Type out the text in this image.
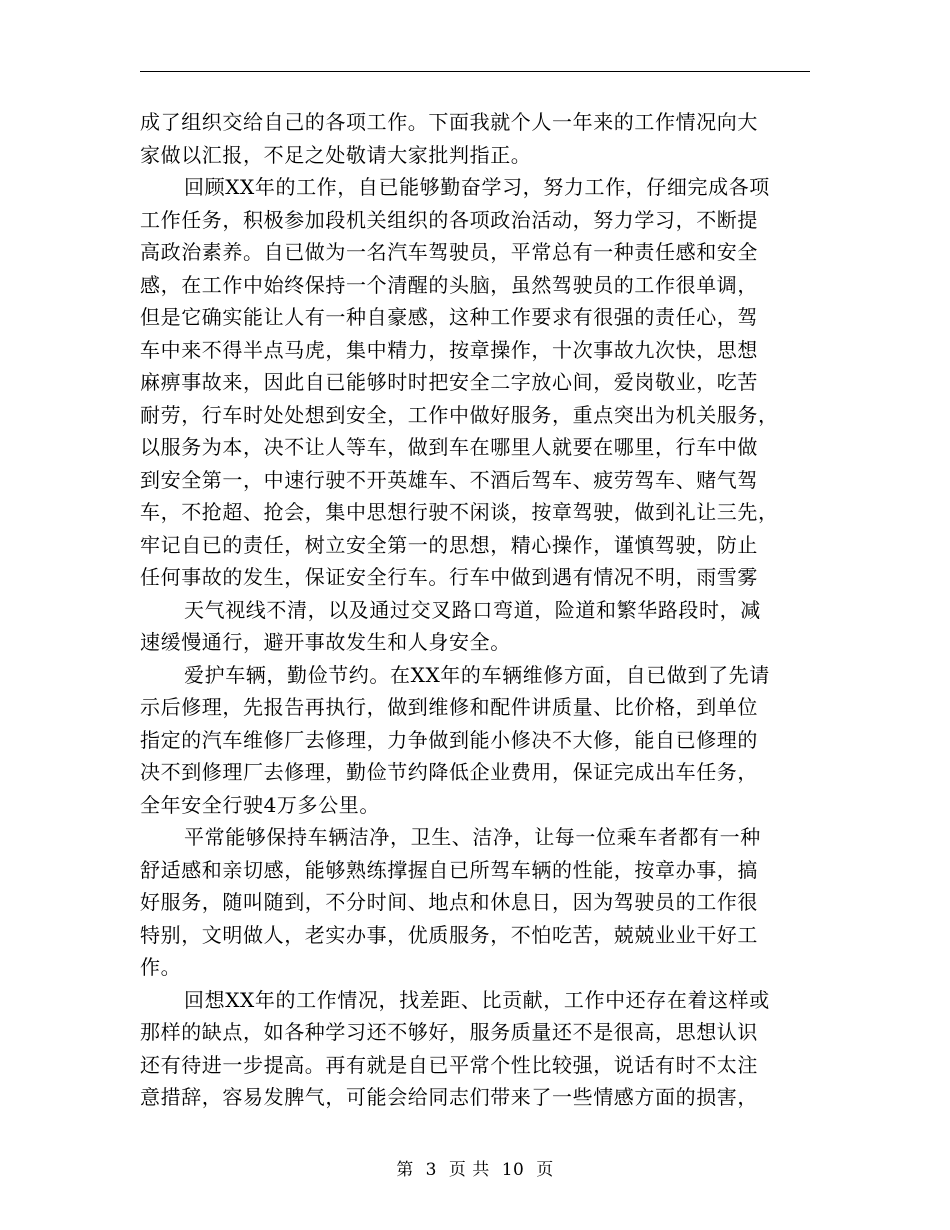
成了组织交给自己的各项工作。下面我就个人一年来的工作情况向大
家做以汇报，不足之处敬请大家批判指正。
回顾XX年的工作，自已能够勤奋学习，努力工作，仔细完成各项
工作任务，积极参加段机关组织的各项政治活动，努力学习，不断提
高政治素养。自已做为一名汽车驾驶员，平常总有一种责任感和安全
感，在工作中始终保持一个清醒的头脑，虽然驾驶员的工作很单调，
但是它确实能让人有一种自豪感，这种工作要求有很强的责任心，驾
车中来不得半点马虎，集中精力，按章操作，十次事故九次快，思想
麻痹事故来，因此自已能够时时把安全二字放心间，爱岗敬业，吃苦
耐劳，行车时处处想到安全，工作中做好服务，重点突出为机关服务，
以服务为本，决不让人等车，做到车在哪里人就要在哪里，行车中做
到安全第一，中速行驶不开英雄车、不酒后驾车、疲劳驾车、赌气驾
车，不抢超、抢会，集中思想行驶不闲谈，按章驾驶，做到礼让三先，
牢记自已的责任，树立安全第一的思想，精心操作，谨慎驾驶，防止
任何事故的发生，保证安全行车。行车中做到遇有情况不明，雨雪雾
天气视线不清，以及通过交叉路口弯道，险道和繁华路段时，减
速缓慢通行，避开事故发生和人身安全。
爱护车辆，勤俭节约。在XX年的车辆维修方面，自已做到了先请
示后修理，先报告再执行，做到维修和配件讲质量、比价格，到单位
指定的汽车维修厂去修理，力争做到能小修决不大修，能自已修理的
决不到修理厂去修理，勤俭节约降低企业费用，保证完成出车任务，
全年安全行驶4万多公里。
平常能够保持车辆洁净，卫生、洁净，让每一位乘车者都有一种
舒适感和亲切感，能够熟练撑握自已所驾车辆的性能，按章办事，搞
好服务，随叫随到，不分时间、地点和休息日，因为驾驶员的工作很
特别，文明做人，老实办事，优质服务，不怕吃苦，兢兢业业干好工
作。
回想XX年的工作情况，找差距、比贡献，工作中还存在着这样或
那样的缺点，如各种学习还不够好，服务质量还不是很高，思想认识
还有待进一步提高。再有就是自已平常个性比较强，说话有时不太注
意措辞，容易发脾气，可能会给同志们带来了一些情感方面的损害，
第 3 页 共 10 页
